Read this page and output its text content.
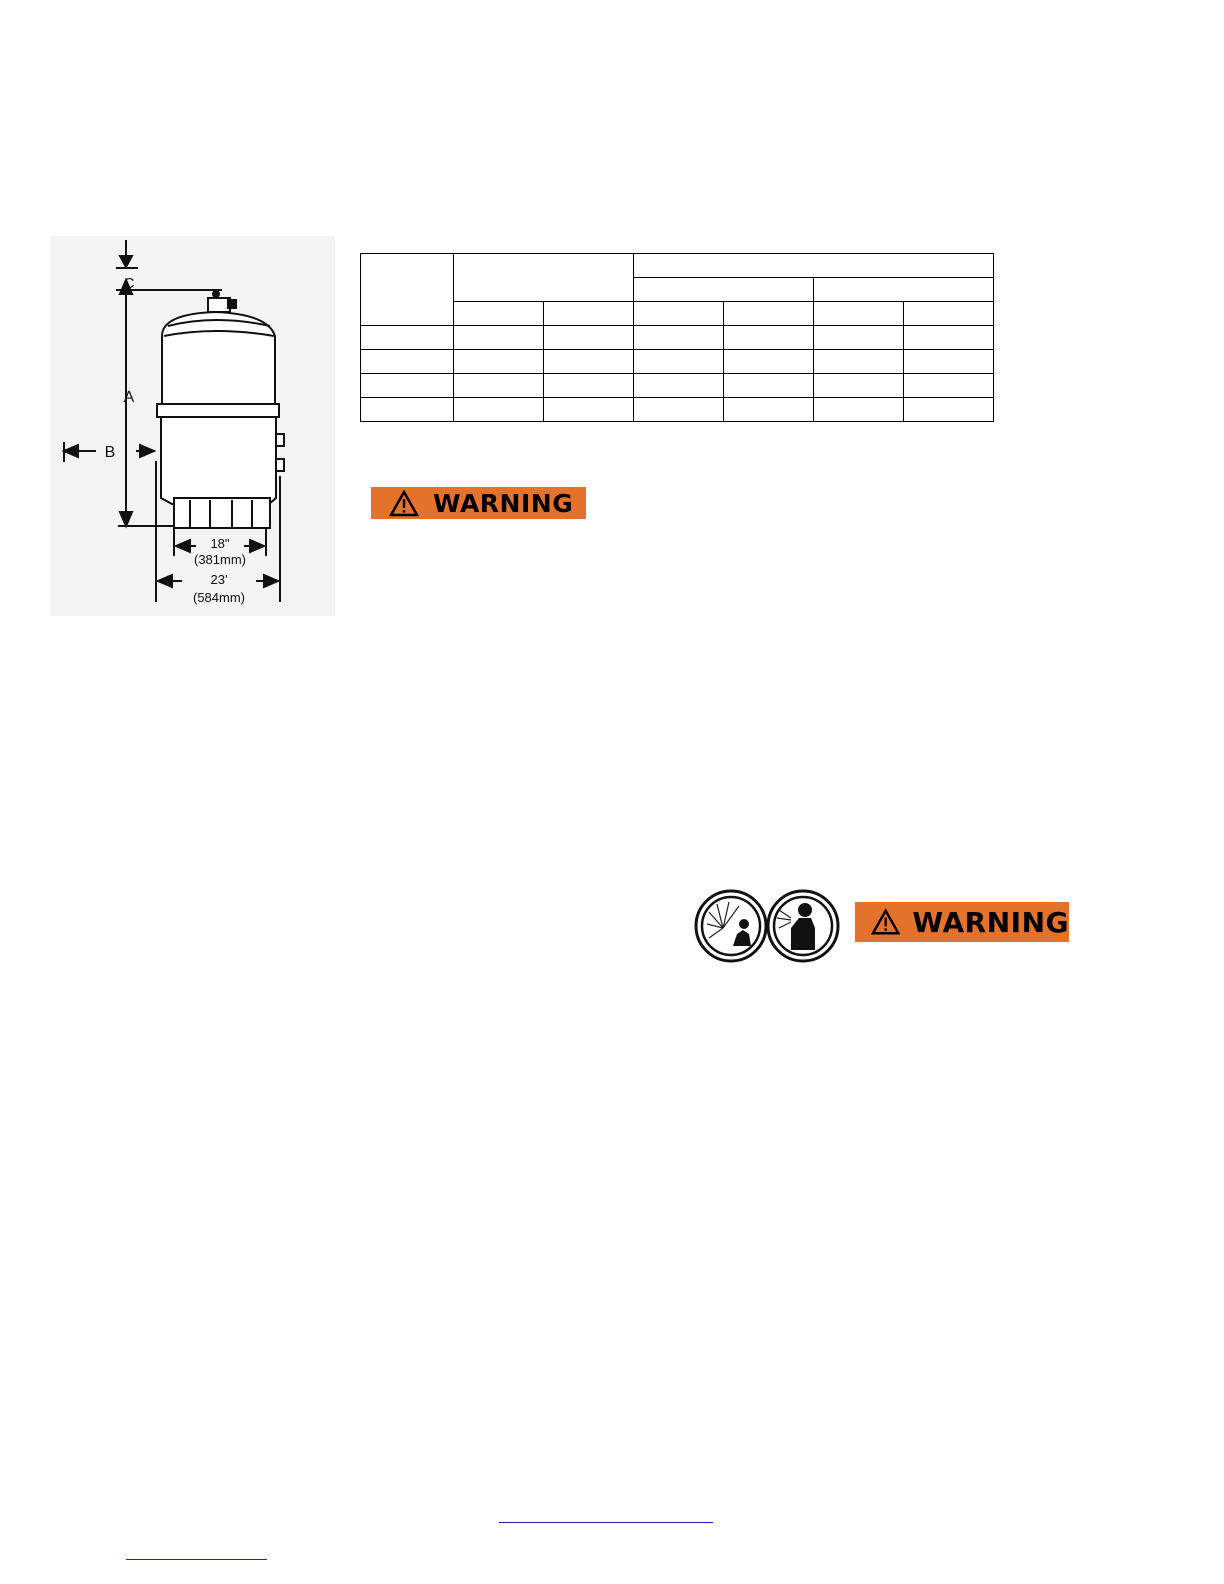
C
A
B
18"
(381mm)
23'
(584mm)

WARNING
WARNING
